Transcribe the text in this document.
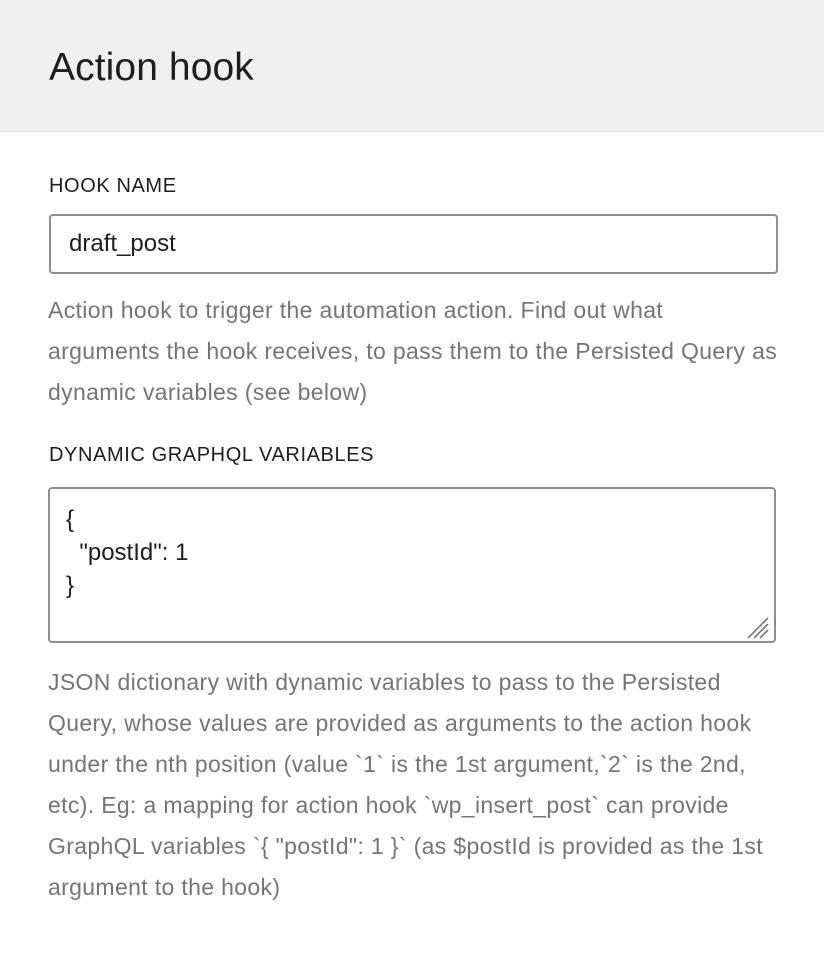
Action hook
HOOK NAME
draft_post

Action hook to trigger the automation action. Find out what arguments the hook receives, to pass them to the Persisted Query as dynamic variables (see below)

DYNAMIC GRAPHQL VARIABLES
{ "postId": 1 }

JSON dictionary with dynamic variables to pass to the Persisted Query, whose values are provided as arguments to the action hook under the nth position (value `1` is the 1st argument,`2` is the 2nd, etc). Eg: a mapping for action hook `wp_insert_post` can provide GraphQL variables `{ "postId": 1 }` (as $postId is provided as the 1st argument to the hook)
